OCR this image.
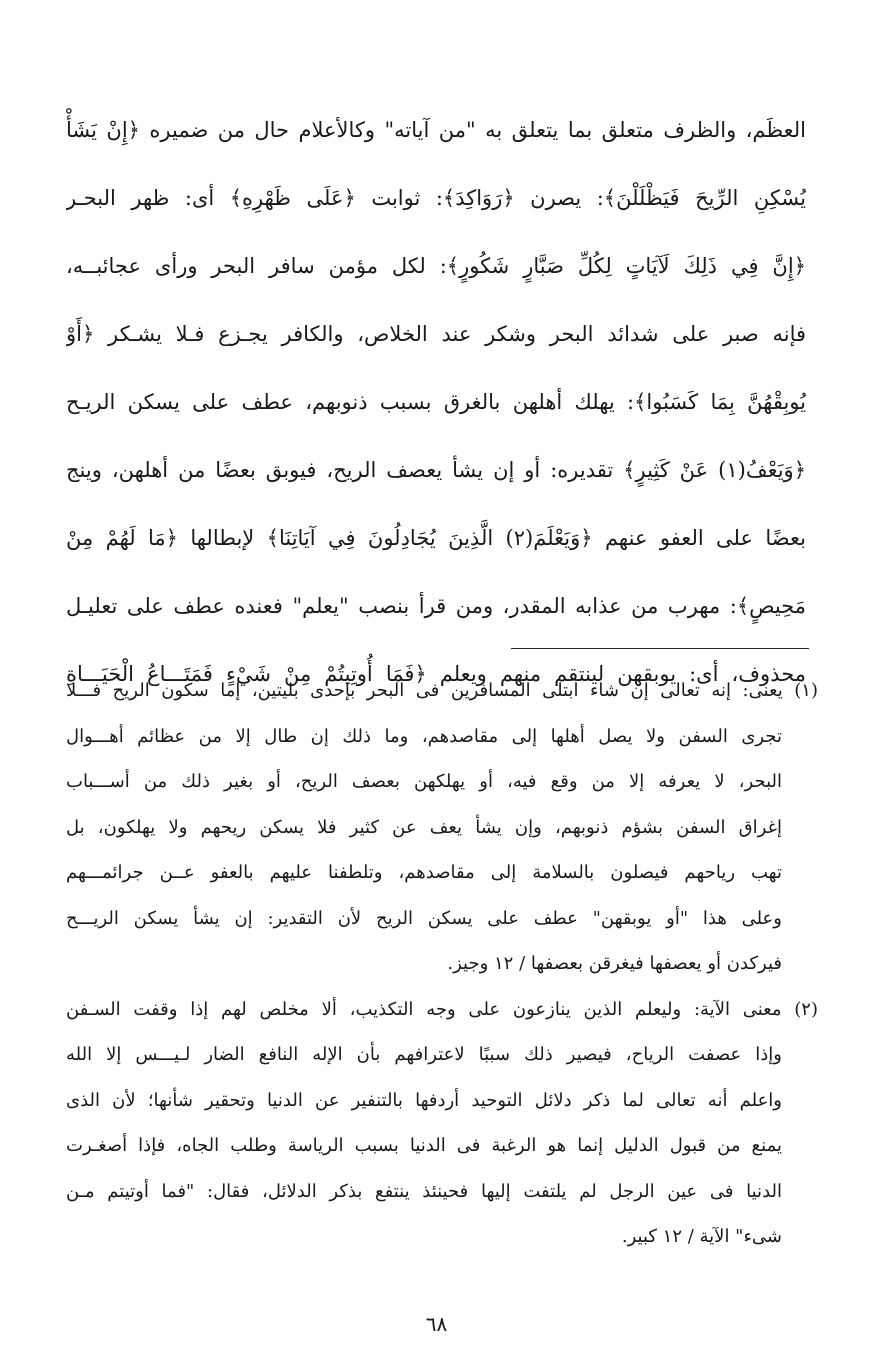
العظَم، والظرف متعلق بما يتعلق به "من آياته" وكالأعلام حال من ضميره ﴿إِنْ يَشَأْ
يُسْكِنِ الرِّيحَ فَيَظْلَلْنَ﴾: يصرن ﴿رَوَاكِدَ﴾: ثوابت ﴿عَلَى ظَهْرِهِ﴾ أى: ظهر البحـر
﴿إِنَّ فِي ذَلِكَ لَآيَاتٍ لِكُلِّ صَبَّارٍ شَكُورٍ﴾: لكل مؤمن سافر البحر ورأى عجائبــه،
فإنه صبر على شدائد البحر وشكر عند الخلاص، والكافر يجـزع فـلا يشـكر ﴿أَوْ
يُوبِقْهُنَّ بِمَا كَسَبُوا﴾: يهلك أهلهن بالغرق بسبب ذنوبهم، عطف على يسكن الريـح
﴿وَيَعْفُ(١) عَنْ كَثِيرٍ﴾ تقديره: أو إن يشأ يعصف الريح، فيوبق بعضًا من أهلهن، وينج
بعضًا على العفو عنهم ﴿وَيَعْلَمَ(٢) الَّذِينَ يُجَادِلُونَ فِي آيَاتِنَا﴾ لإبطالها ﴿مَا لَهُمْ مِنْ
مَحِيصٍ﴾: مهرب من عذابه المقدر، ومن قرأ بنصب "يعلم" فعنده عطف على تعليـل
محذوف، أى: يوبقهن لينتقم منهم ويعلم ﴿فَمَا أُوتِيتُمْ مِنْ شَيْءٍ فَمَتَـــاعُ الْحَيَـــاةِ
(١) يعنى: إنه تعالى إن شاء ابتلى المسافرين فى البحر بإحدى بليتين، إما سكون الريح فـــلا
تجرى السفن ولا يصل أهلها إلى مقاصدهم، وما ذلك إن طال إلا من عظائم أهـــوال
البحر، لا يعرفه إلا من وقع فيه، أو يهلكهن بعصف الريح، أو بغير ذلك من أســـباب
إغراق السفن بشؤم ذنوبهم، وإن يشأ يعف عن كثير فلا يسكن ريحهم ولا يهلكون، بل
تهب رياحهم فيصلون بالسلامة إلى مقاصدهم، وتلطفنا عليهم بالعفو عــن جرائمـــهم
وعلى هذا "أو يوبقهن" عطف على يسكن الريح لأن التقدير: إن يشأ يسكن الريـــح
فيركدن أو يعصفها فيغرقن بعصفها / ١٢ وجيز.
(٢) معنى الآية: وليعلم الذين ينازعون على وجه التكذيب، ألا مخلص لهم إذا وقفت السـفن
وإذا عصفت الرياح، فيصير ذلك سببًا لاعترافهم بأن الإله النافع الضار لـيـــس إلا الله
واعلم أنه تعالى لما ذكر دلائل التوحيد أردفها بالتنفير عن الدنيا وتحقير شأنها؛ لأن الذى
يمنع من قبول الدليل إنما هو الرغبة فى الدنيا بسبب الرياسة وطلب الجاه، فإذا أصغـرت
الدنيا فى عين الرجل لم يلتفت إليها فحينئذ ينتفع بذكر الدلائل، فقال: "فما أوتيتم مـن
شىء" الآية / ١٢ كبير.
٦٨
